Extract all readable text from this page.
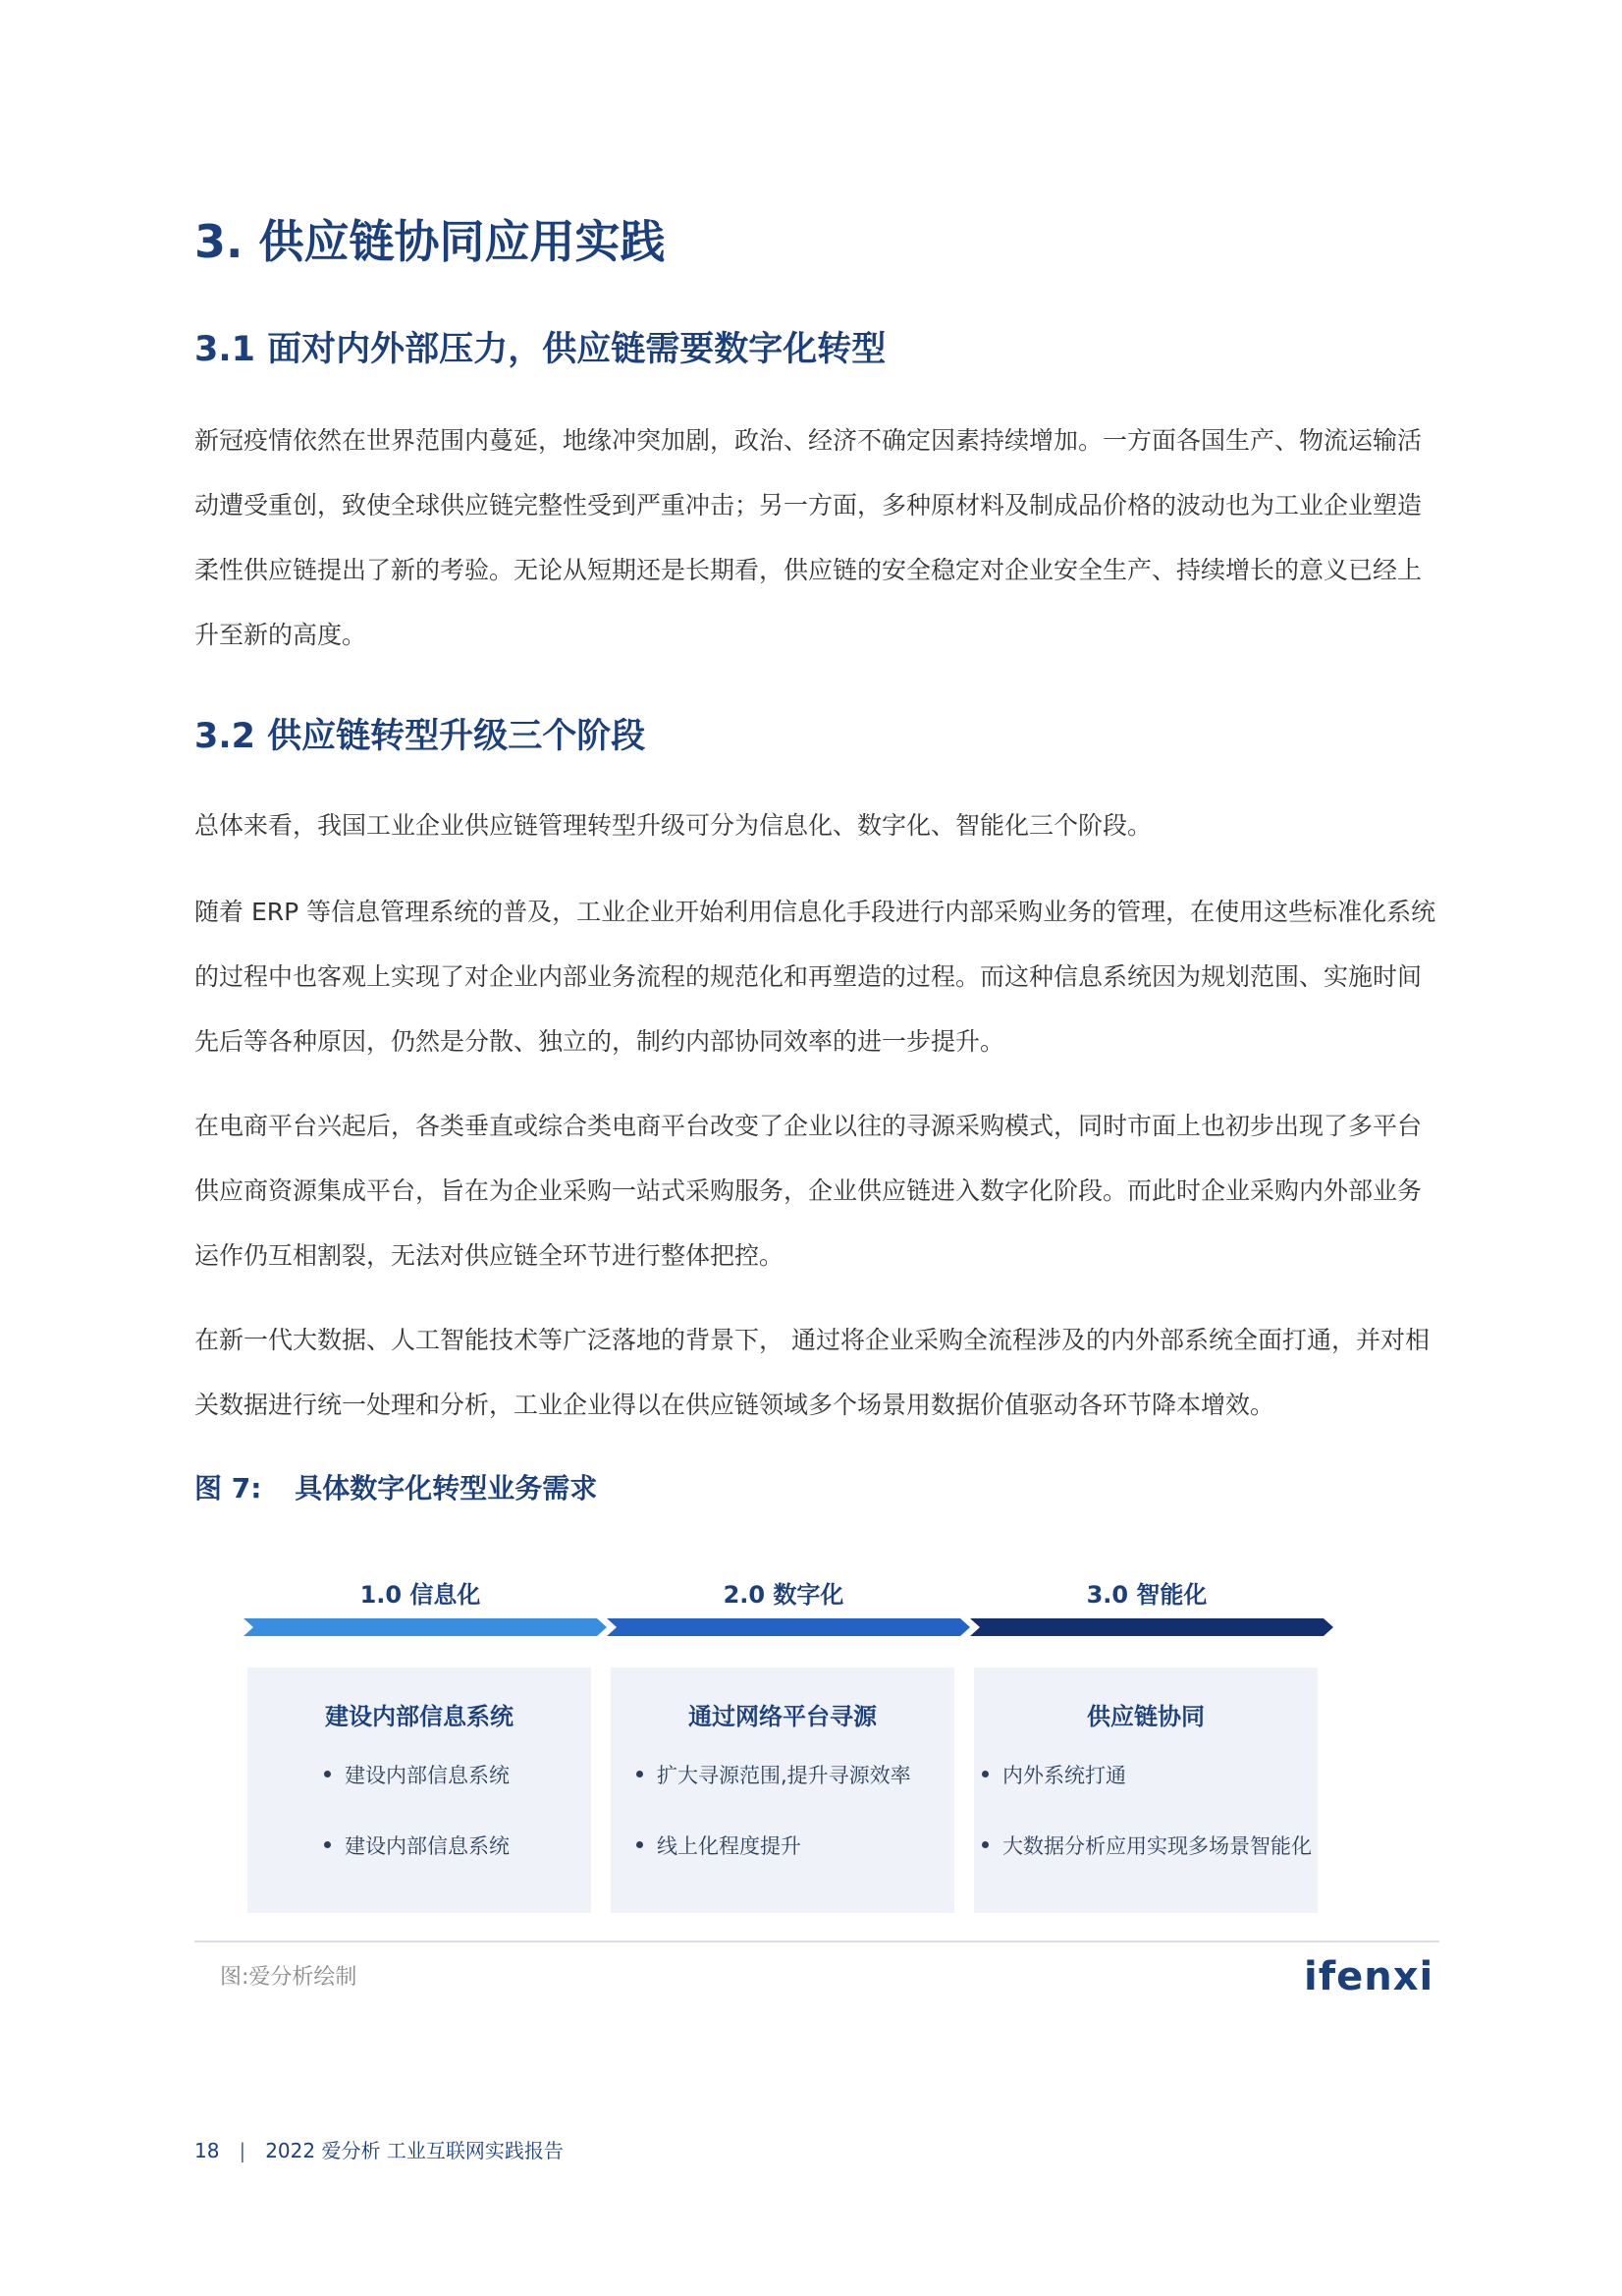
3. 供应链协同应用实践
3.1 面对内外部压力，供应链需要数字化转型

新冠疫情依然在世界范围内蔓延，地缘冲突加剧，政治、经济不确定因素持续增加。一方面各国生产、物流运输活
动遭受重创，致使全球供应链完整性受到严重冲击；另一方面，多种原材料及制成品价格的波动也为工业企业塑造
柔性供应链提出了新的考验。无论从短期还是长期看，供应链的安全稳定对企业安全生产、持续增长的意义已经上
升至新的高度。

3.2 供应链转型升级三个阶段

总体来看，我国工业企业供应链管理转型升级可分为信息化、数字化、智能化三个阶段。

随着 ERP 等信息管理系统的普及，工业企业开始利用信息化手段进行内部采购业务的管理，在使用这些标准化系统
的过程中也客观上实现了对企业内部业务流程的规范化和再塑造的过程。而这种信息系统因为规划范围、实施时间
先后等各种原因，仍然是分散、独立的，制约内部协同效率的进一步提升。

在电商平台兴起后，各类垂直或综合类电商平台改变了企业以往的寻源采购模式，同时市面上也初步出现了多平台
供应商资源集成平台，旨在为企业采购一站式采购服务，企业供应链进入数字化阶段。而此时企业采购内外部业务
运作仍互相割裂，无法对供应链全环节进行整体把控。

在新一代大数据、人工智能技术等广泛落地的背景下， 通过将企业采购全流程涉及的内外部系统全面打通，并对相
关数据进行统一处理和分析，工业企业得以在供应链领域多个场景用数据价值驱动各环节降本增效。

图 7: 具体数字化转型业务需求
1.0 信息化	2.0 数字化	3.0 智能化
建设内部信息系统
建设内部信息系统
建设内部信息系统
通过网络平台寻源
扩大寻源范围,提升寻源效率
线上化程度提升
供应链协同
内外系统打通
大数据分析应用实现多场景智能化
图:爱分析绘制	ifenxi
18 | 2022 爱分析 工业互联网实践报告
